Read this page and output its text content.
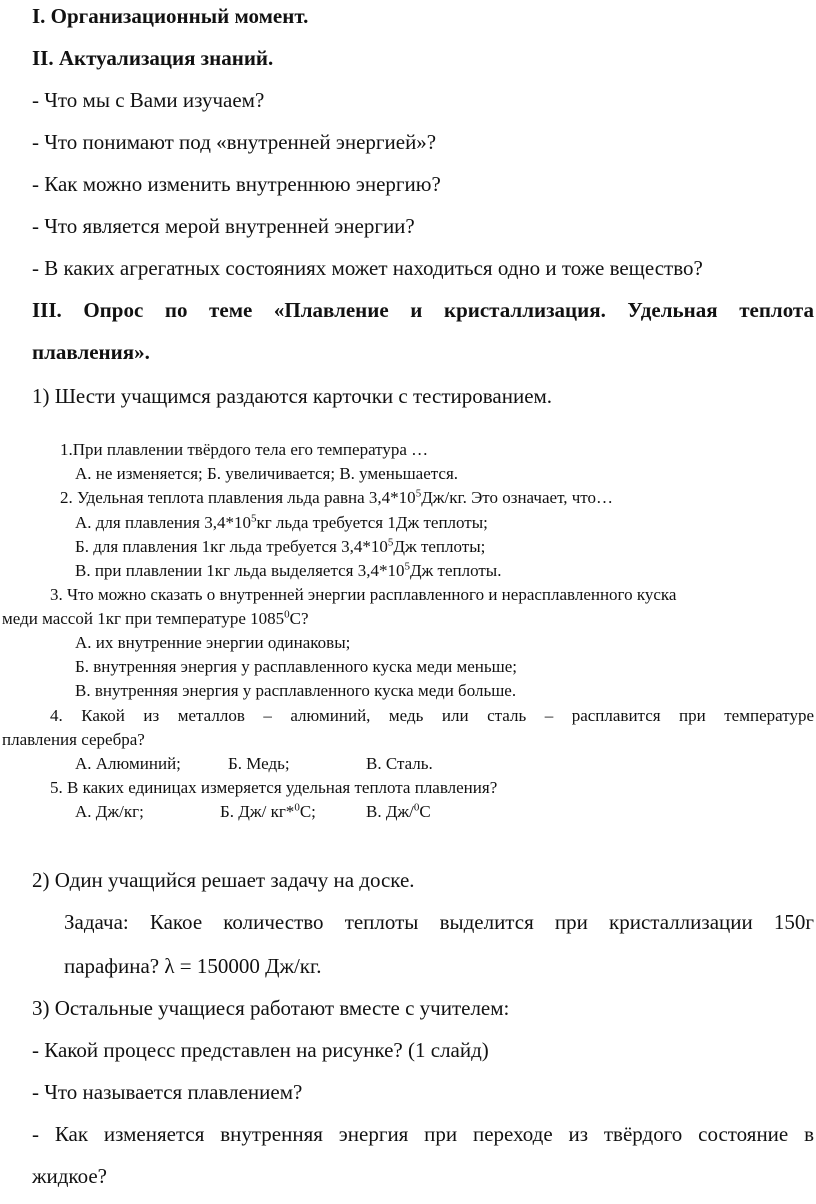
I. Организационный момент.

II. Актуализация знаний.

- Что мы с Вами изучаем?

- Что понимают под «внутренней энергией»?

- Как можно изменить внутреннюю энергию?

- Что является мерой внутренней энергии?

- В каких агрегатных состояниях может находиться одно и тоже вещество?

III. Опрос по теме «Плавление и кристаллизация. Удельная теплота

плавления».

1) Шести учащимся раздаются карточки с тестированием.

1.При плавлении твёрдого тела его температура …

А. не изменяется; Б. увеличивается; В. уменьшается.

2. Удельная теплота плавления льда равна $3,4*10^5Дж/кг$. Это означает, что…

А. для плавления $3,4*10^5кг$ льда требуется 1Дж теплоты;

Б. для плавления 1кг льда требуется $3,4*10^5Дж$ теплоты;

В. при плавлении 1кг льда выделяется $3,4*10^5Дж$ теплоты.

3. Что можно сказать о внутренней энергии расплавленного и нерасплавленного куска

меди массой 1кг при температуре 1085$^0$С?

А. их внутренние энергии одинаковы;

Б. внутренняя энергия у расплавленного куска меди меньше;

В. внутренняя энергия у расплавленного куска меди больше.

4. Какой из металлов – алюминий, медь или сталь – расплавится при температуре

плавления серебра?

А. Алюминий;	Б. Медь;	В. Сталь.

5. В каких единицах измеряется удельная теплота плавления?

А. Дж/кг;	Б. Дж/ кг*$^0$С;	В. Дж/$^0$С

2) Один учащийся решает задачу на доске.

Задача: Какое количество теплоты выделится при кристаллизации 150г

парафина? λ = 150000 Дж/кг.

3) Остальные учащиеся работают вместе с учителем:

- Какой процесс представлен на рисунке? (1 слайд)

- Что называется плавлением?

- Как изменяется внутренняя энергия при переходе из твёрдого состояние в

жидкое?
